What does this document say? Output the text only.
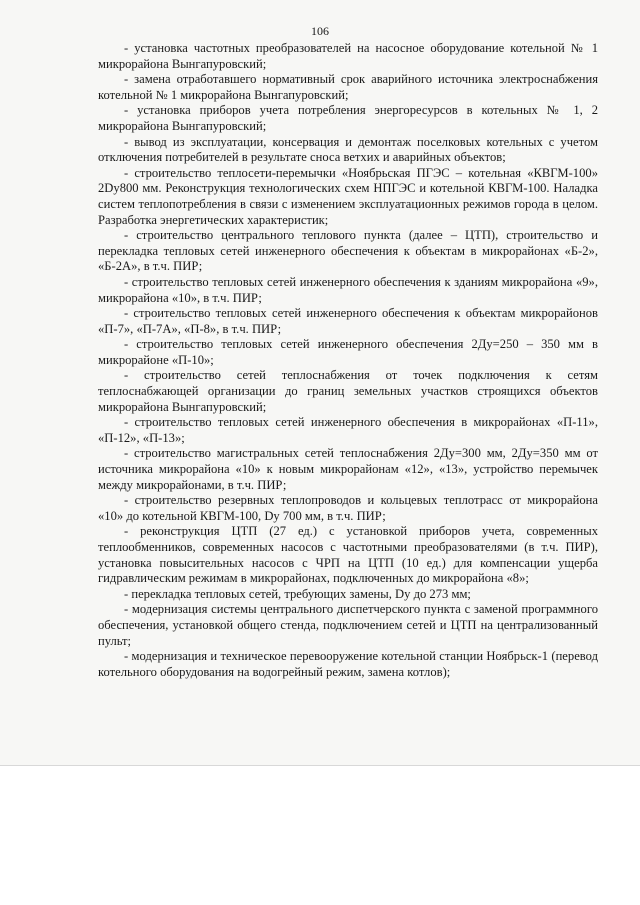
106

- установка частотных преобразователей на насосное оборудование котельной № 1 микрорайона Вынгапуровский;

- замена отработавшего нормативный срок аварийного источника электроснабжения котельной № 1 микрорайона Вынгапуровский;

- установка приборов учета потребления энергоресурсов в котельных № 1, 2 микрорайона Вынгапуровский;

- вывод из эксплуатации, консервация и демонтаж поселковых котельных с учетом отключения потребителей в результате сноса ветхих и аварийных объектов;

- строительство теплосети-перемычки «Ноябрьская ПГЭС – котельная «КВГМ-100» 2Dy800 мм. Реконструкция технологических схем НПГЭС и котельной КВГМ-100. Наладка систем теплопотребления в связи с изменением эксплуатационных режимов города в целом. Разработка энергетических характеристик;

- строительство центрального теплового пункта (далее – ЦТП), строительство и перекладка тепловых сетей инженерного обеспечения к объектам в микрорайонах «Б-2», «Б-2А», в т.ч. ПИР;

- строительство тепловых сетей инженерного обеспечения к зданиям микрорайона «9», микрорайона «10», в т.ч. ПИР;

- строительство тепловых сетей инженерного обеспечения к объектам микрорайонов «П-7», «П-7А», «П-8», в т.ч. ПИР;

- строительство тепловых сетей инженерного обеспечения 2Ду=250 – 350 мм в микрорайоне «П-10»;

- строительство сетей теплоснабжения от точек подключения к сетям теплоснабжающей организации до границ земельных участков строящихся объектов микрорайона Вынгапуровский;

- строительство тепловых сетей инженерного обеспечения в микрорайонах «П-11», «П-12», «П-13»;

- строительство магистральных сетей теплоснабжения 2Ду=300 мм, 2Ду=350 мм от источника микрорайона «10» к новым микрорайонам «12», «13», устройство перемычек между микрорайонами, в т.ч. ПИР;

- строительство резервных теплопроводов и кольцевых теплотрасс от микрорайона «10» до котельной КВГМ-100, Dy 700 мм, в т.ч. ПИР;

- реконструкция ЦТП (27 ед.) с установкой приборов учета, современных теплообменников, современных насосов с частотными преобразователями (в т.ч. ПИР), установка повысительных насосов с ЧРП на ЦТП (10 ед.) для компенсации ущерба гидравлическим режимам в микрорайонах, подключенных до микрорайона «8»;

- перекладка тепловых сетей, требующих замены, Dy до 273 мм;

- модернизация системы центрального диспетчерского пункта с заменой программного обеспечения, установкой общего стенда, подключением сетей и ЦТП на централизованный пульт;

- модернизация и техническое перевооружение котельной станции Ноябрьск-1 (перевод котельного оборудования на водогрейный режим, замена котлов);
